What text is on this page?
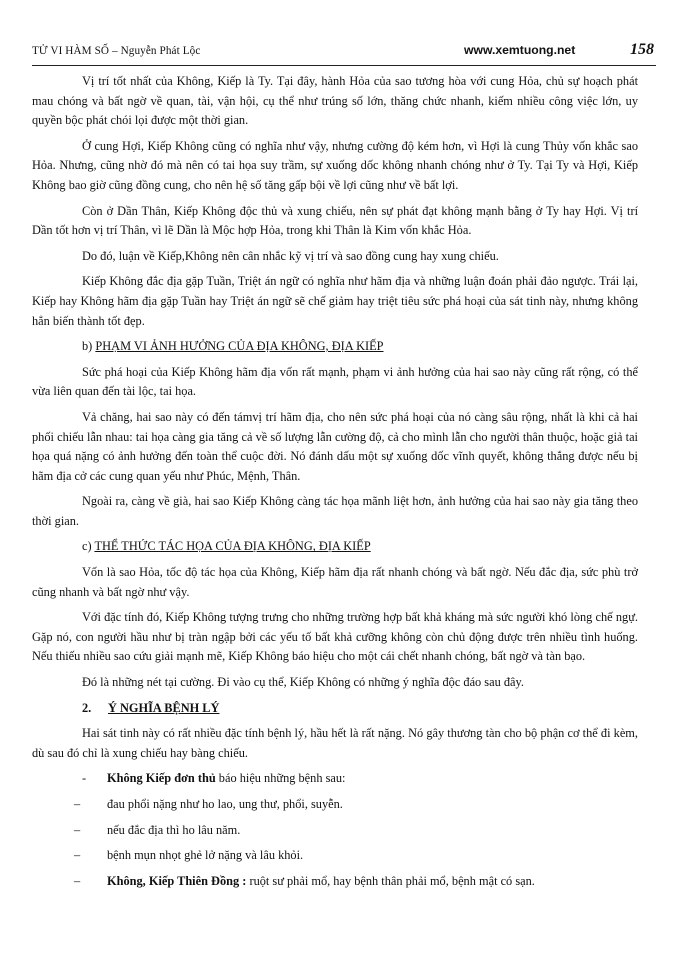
TỬ VI HÀM SỐ – Nguyễn Phát Lộc	www.xemtuong.net	158

Vị trí tốt nhất của Không, Kiếp là Ty. Tại đây, hành Hỏa của sao tương hòa với cung Hỏa, chủ sự hoạch phát mau chóng và bất ngờ về quan, tài, vận hội, cụ thể như trúng số lớn, thăng chức nhanh, kiếm nhiều công việc lớn, uy quyền bộc phát chói lọi được một thời gian.

Ở cung Hợi, Kiếp Không cũng có nghĩa như vậy, nhưng cường độ kém hơn, vì Hợi là cung Thủy vốn khắc sao Hỏa. Nhưng, cũng nhờ đó mà nên có tai họa suy trầm, sự xuống dốc không nhanh chóng như ở Ty. Tại Ty và Hợi, Kiếp Không bao giờ cũng đồng cung, cho nên hệ số tăng gấp bội về lợi cũng như về bất lợi.

Còn ở Dần Thân, Kiếp Không độc thủ và xung chiếu, nên sự phát đạt không mạnh bằng ở Ty hay Hợi. Vị trí Dần tốt hơn vị trí Thân, vì lẽ Dần là Mộc hợp Hỏa, trong khi Thân là Kim vốn khắc Hỏa.

Do đó, luận về Kiếp,Không nên cân nhắc kỹ vị trí và sao đồng cung hay xung chiếu.

Kiếp Không đắc địa gặp Tuần, Triệt án ngữ có nghĩa như hãm địa và những luận đoán phải đảo ngược. Trái lại, Kiếp hay Không hãm địa gặp Tuần hay Triệt án ngữ sẽ chế giảm hay triệt tiêu sức phá hoại của sát tinh này, nhưng không hẳn biến thành tốt đẹp.

b) PHẠM VI ẢNH HƯỞNG CỦA ĐỊA KHÔNG, ĐỊA KIẾP

Sức phá hoại của Kiếp Không hãm địa vốn rất mạnh, phạm vi ảnh hưởng của hai sao này cũng rất rộng, có thể vừa liên quan đến tài lộc, tai họa.

Vả chăng, hai sao này có đến támvị trí hãm địa, cho nên sức phá hoại của nó càng sâu rộng, nhất là khi cả hai phối chiếu lẫn nhau: tai họa càng gia tăng cả về số lượng lẫn cường độ, cả cho mình lẫn cho người thân thuộc, hoặc giả tai họa quá nặng có ảnh hưởng đến toàn thể cuộc đời. Nó đánh dấu một sự xuống dốc vĩnh quyết, không thắng được nếu bị hãm địa cở các cung quan yếu như Phúc, Mệnh, Thân.

Ngoài ra, càng về già, hai sao Kiếp Không càng tác họa mãnh liệt hơn, ảnh hưởng của hai sao này gia tăng theo thời gian.

c) THỂ THỨC TÁC HỌA CỦA ĐỊA KHÔNG, ĐỊA KIẾP

Vốn là sao Hỏa, tốc độ tác họa của Không, Kiếp hãm địa rất nhanh chóng và bất ngờ. Nếu đắc địa, sức phù trở cũng nhanh và bất ngờ như vậy.

Với đặc tính đó, Kiếp Không tượng trưng cho những trường hợp bất khả kháng mà sức người khó lòng chế ngự. Gặp nó, con người hầu như bị tràn ngập bởi các yếu tố bất khả cưỡng không còn chủ động được trên nhiều tình huống. Nếu thiếu nhiều sao cứu giải mạnh mẽ, Kiếp Không báo hiệu cho một cái chết nhanh chóng, bất ngờ và tàn bạo.

Đó là những nét tại cường. Đi vào cụ thể, Kiếp Không có những ý nghĩa độc đáo sau đây.

2. Ý NGHĨA BỆNH LÝ

Hai sát tinh này có rất nhiều đặc tính bệnh lý, hầu hết là rất nặng. Nó gây thương tàn cho bộ phận cơ thể đi kèm, dù sau đó chỉ là xung chiếu hay bàng chiếu.

- Không Kiếp đơn thủ báo hiệu những bệnh sau:
– đau phổi nặng như ho lao, ung thư, phổi, suyễn.
– nếu đắc địa thì ho lâu năm.
– bệnh mụn nhọt ghẻ lở nặng và lâu khỏi.
– Không, Kiếp Thiên Đồng : ruột sư phải mổ, hay bệnh thân phải mổ, bệnh mật có sạn.
